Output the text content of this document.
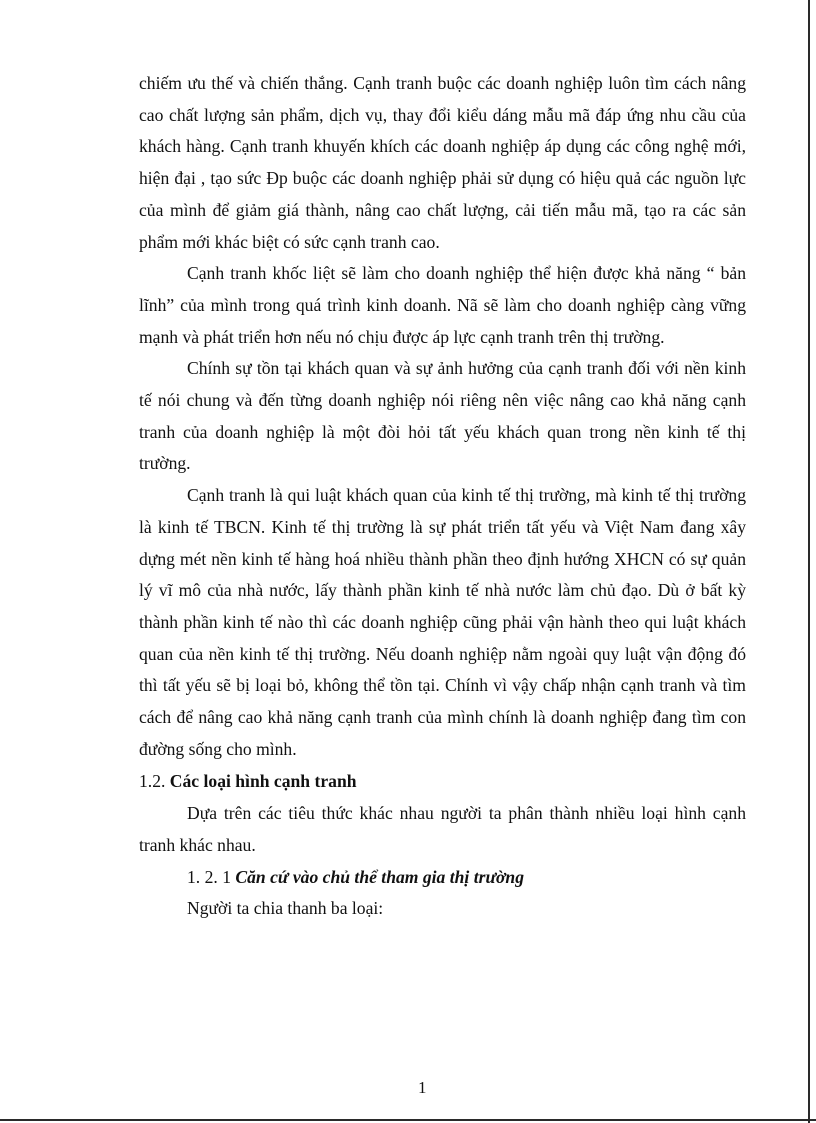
chiếm ưu thế và chiến thắng. Cạnh tranh buộc các doanh nghiệp luôn tìm cách nâng cao chất lượng sản phẩm, dịch vụ, thay đổi kiểu dáng mẫu mã đáp ứng nhu cầu của khách hàng. Cạnh tranh khuyến khích các doanh nghiệp áp dụng các công nghệ mới, hiện đại , tạo sức Đp buộc các doanh nghiệp phải sử dụng có hiệu quả các nguồn lực của mình để giảm giá thành, nâng cao chất lượng, cải tiến mẫu mã, tạo ra các sản phẩm mới khác biệt có sức cạnh tranh cao.

Cạnh tranh khốc liệt sẽ làm cho doanh nghiệp thể hiện được khả năng “ bản lĩnh” của mình trong quá trình kinh doanh. Nã sẽ làm cho doanh nghiệp càng vững mạnh và phát triển hơn nếu nó chịu được áp lực cạnh tranh trên thị trường.

Chính sự tồn tại khách quan và sự ảnh hưởng của cạnh tranh đối với nền kinh tế nói chung và đến từng doanh nghiệp nói riêng nên việc nâng cao khả năng cạnh tranh của doanh nghiệp là một đòi hỏi tất yếu khách quan trong nền kinh tế thị trường.

Cạnh tranh là qui luật khách quan của kinh tế thị trường, mà kinh tế thị trường là kinh tế TBCN. Kinh tế thị trường là sự phát triển tất yếu và Việt Nam đang xây dựng mét nền kinh tế hàng hoá nhiều thành phần theo định hướng XHCN có sự quản lý vĩ mô của nhà nước, lấy thành phần kinh tế nhà nước làm chủ đạo. Dù ở bất kỳ thành phần kinh tế nào thì các doanh nghiệp cũng phải vận hành theo qui luật khách quan của nền kinh tế thị trường. Nếu doanh nghiệp nằm ngoài quy luật vận động đó thì tất yếu sẽ bị loại bỏ, không thể tồn tại. Chính vì vậy chấp nhận cạnh tranh và tìm cách để nâng cao khả năng cạnh tranh của mình chính là doanh nghiệp đang tìm con đường sống cho mình.

1.2. Các loại hình cạnh tranh

Dựa trên các tiêu thức khác nhau người ta phân thành nhiều loại hình cạnh tranh khác nhau.

1. 2. 1 Căn cứ vào chủ thể tham gia thị trường

Người ta chia thanh ba loại:

1
